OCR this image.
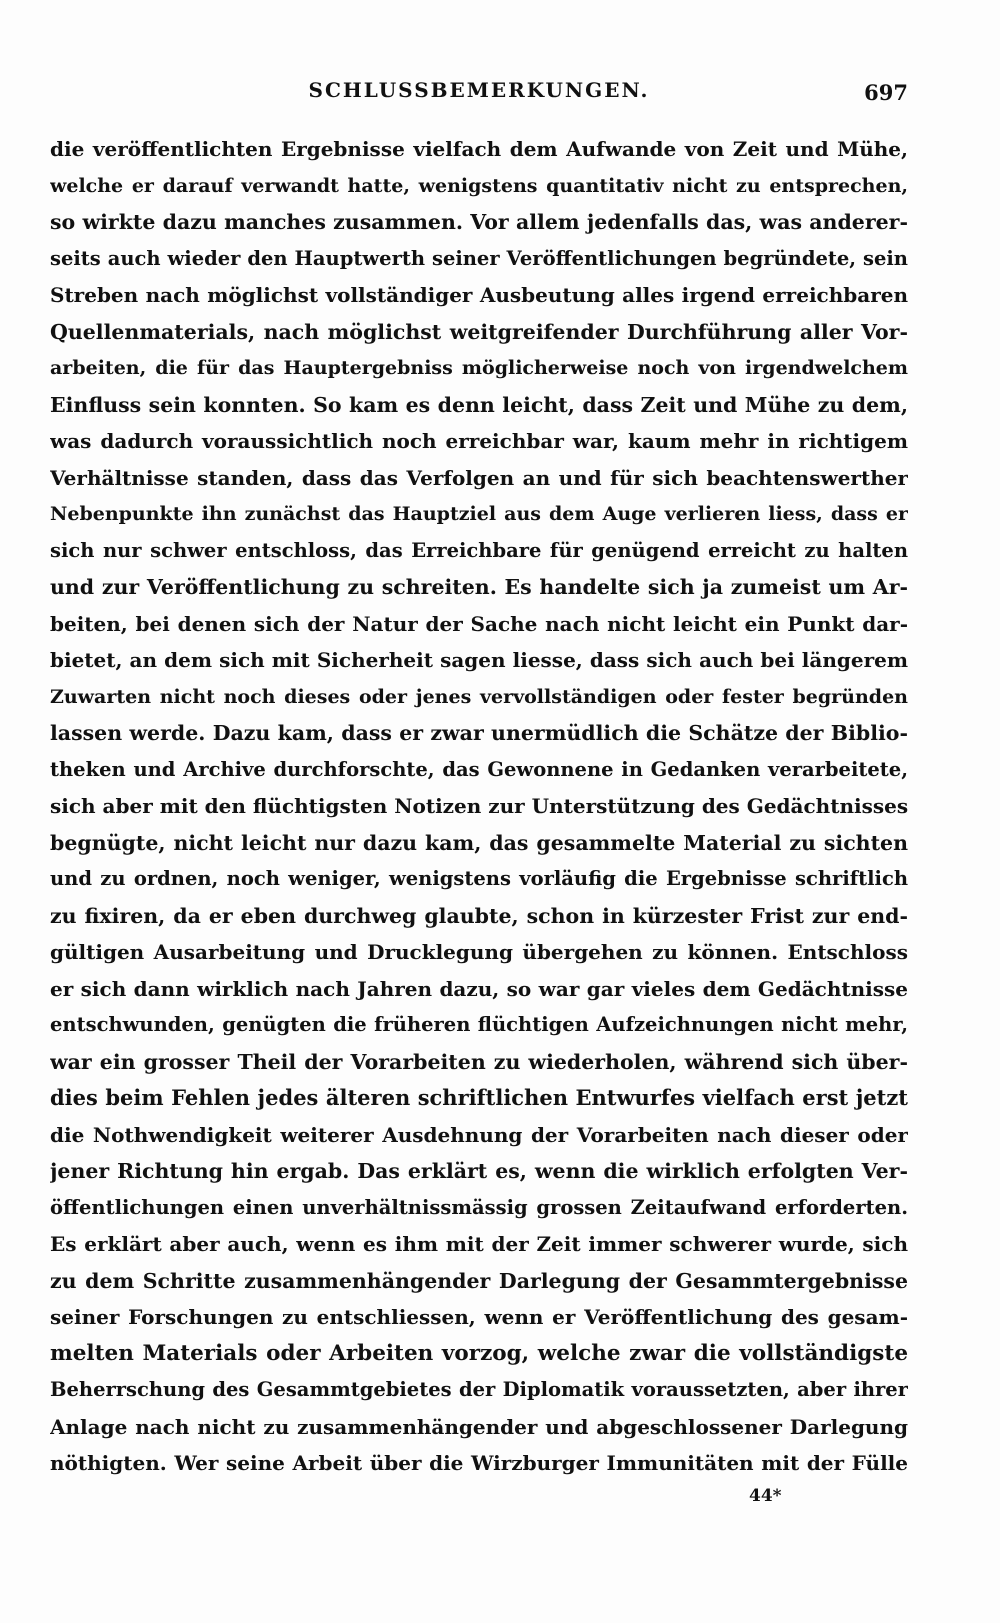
SCHLUSSBEMERKUNGEN.	697
die veröffentlichten Ergebnisse vielfach dem Aufwande von Zeit und Mühe,
welche er darauf verwandt hatte, wenigstens quantitativ nicht zu entsprechen,
so wirkte dazu manches zusammen. Vor allem jedenfalls das, was anderer-
seits auch wieder den Hauptwerth seiner Veröffentlichungen begründete, sein
Streben nach möglichst vollständiger Ausbeutung alles irgend erreichbaren
Quellenmaterials, nach möglichst weitgreifender Durchführung aller Vor-
arbeiten, die für das Hauptergebniss möglicherweise noch von irgendwelchem
Einfluss sein konnten. So kam es denn leicht, dass Zeit und Mühe zu dem,
was dadurch voraussichtlich noch erreichbar war, kaum mehr in richtigem
Verhältnisse standen, dass das Verfolgen an und für sich beachtenswerther
Nebenpunkte ihn zunächst das Hauptziel aus dem Auge verlieren liess, dass er
sich nur schwer entschloss, das Erreichbare für genügend erreicht zu halten
und zur Veröffentlichung zu schreiten. Es handelte sich ja zumeist um Ar-
beiten, bei denen sich der Natur der Sache nach nicht leicht ein Punkt dar-
bietet, an dem sich mit Sicherheit sagen liesse, dass sich auch bei längerem
Zuwarten nicht noch dieses oder jenes vervollständigen oder fester begründen
lassen werde. Dazu kam, dass er zwar unermüdlich die Schätze der Biblio-
theken und Archive durchforschte, das Gewonnene in Gedanken verarbeitete,
sich aber mit den flüchtigsten Notizen zur Unterstützung des Gedächtnisses
begnügte, nicht leicht nur dazu kam, das gesammelte Material zu sichten
und zu ordnen, noch weniger, wenigstens vorläufig die Ergebnisse schriftlich
zu fixiren, da er eben durchweg glaubte, schon in kürzester Frist zur end-
gültigen Ausarbeitung und Drucklegung übergehen zu können. Entschloss
er sich dann wirklich nach Jahren dazu, so war gar vieles dem Gedächtnisse
entschwunden, genügten die früheren flüchtigen Aufzeichnungen nicht mehr,
war ein grosser Theil der Vorarbeiten zu wiederholen, während sich über-
dies beim Fehlen jedes älteren schriftlichen Entwurfes vielfach erst jetzt
die Nothwendigkeit weiterer Ausdehnung der Vorarbeiten nach dieser oder
jener Richtung hin ergab. Das erklärt es, wenn die wirklich erfolgten Ver-
öffentlichungen einen unverhältnissmässig grossen Zeitaufwand erforderten.
Es erklärt aber auch, wenn es ihm mit der Zeit immer schwerer wurde, sich
zu dem Schritte zusammenhängender Darlegung der Gesammtergebnisse
seiner Forschungen zu entschliessen, wenn er Veröffentlichung des gesam-
melten Materials oder Arbeiten vorzog, welche zwar die vollständigste
Beherrschung des Gesammtgebietes der Diplomatik voraussetzten, aber ihrer
Anlage nach nicht zu zusammenhängender und abgeschlossener Darlegung
nöthigten. Wer seine Arbeit über die Wirzburger Immunitäten mit der Fülle
44*
